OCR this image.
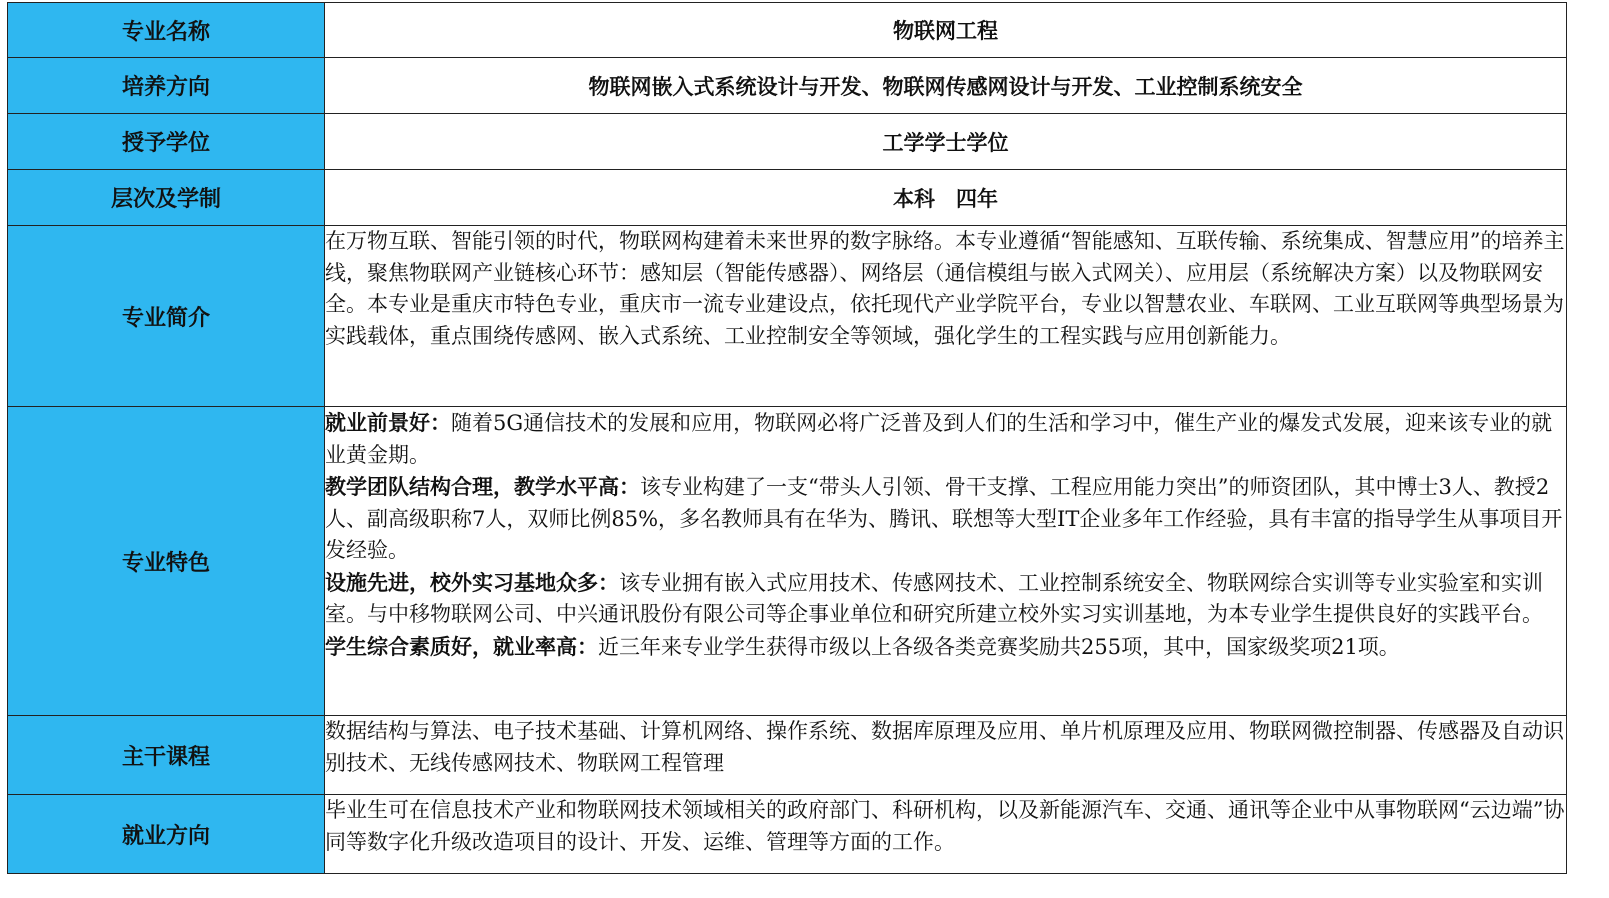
专业名称	物联网工程
培养方向	物联网嵌入式系统设计与开发、物联网传感网设计与开发、工业控制系统安全
授予学位	工学学士学位
层次及学制	本科　四年
专业简介	在万物互联、智能引领的时代，物联网构建着未来世界的数字脉络。本专业遵循“智能感知、互联传输、系统集成、智慧应用”的培养主线，聚焦物联网产业链核心环节：感知层（智能传感器）、网络层（通信模组与嵌入式网关）、应用层（系统解决方案）以及物联网安全。本专业是重庆市特色专业，重庆市一流专业建设点，依托现代产业学院平台，专业以智慧农业、车联网、工业互联网等典型场景为实践载体，重点围绕传感网、嵌入式系统、工业控制安全等领域，强化学生的工程实践与应用创新能力。
专业特色	就业前景好：随着5G通信技术的发展和应用，物联网必将广泛普及到人们的生活和学习中，催生产业的爆发式发展，迎来该专业的就业黄金期。

教学团队结构合理，教学水平高：该专业构建了一支“带头人引领、骨干支撑、工程应用能力突出”的师资团队，其中博士3人、教授2人、副高级职称7人，双师比例85%，多名教师具有在华为、腾讯、联想等大型IT企业多年工作经验，具有丰富的指导学生从事项目开发经验。

设施先进，校外实习基地众多：该专业拥有嵌入式应用技术、传感网技术、工业控制系统安全、物联网综合实训等专业实验室和实训室。与中移物联网公司、中兴通讯股份有限公司等企事业单位和研究所建立校外实习实训基地，为本专业学生提供良好的实践平台。

学生综合素质好，就业率高：近三年来专业学生获得市级以上各级各类竞赛奖励共255项，其中，国家级奖项21项。

主干课程	数据结构与算法、电子技术基础、计算机网络、操作系统、数据库原理及应用、单片机原理及应用、物联网微控制器、传感器及自动识别技术、无线传感网技术、物联网工程管理
就业方向	毕业生可在信息技术产业和物联网技术领域相关的政府部门、科研机构，以及新能源汽车、交通、通讯等企业中从事物联网“云边端”协同等数字化升级改造项目的设计、开发、运维、管理等方面的工作。
